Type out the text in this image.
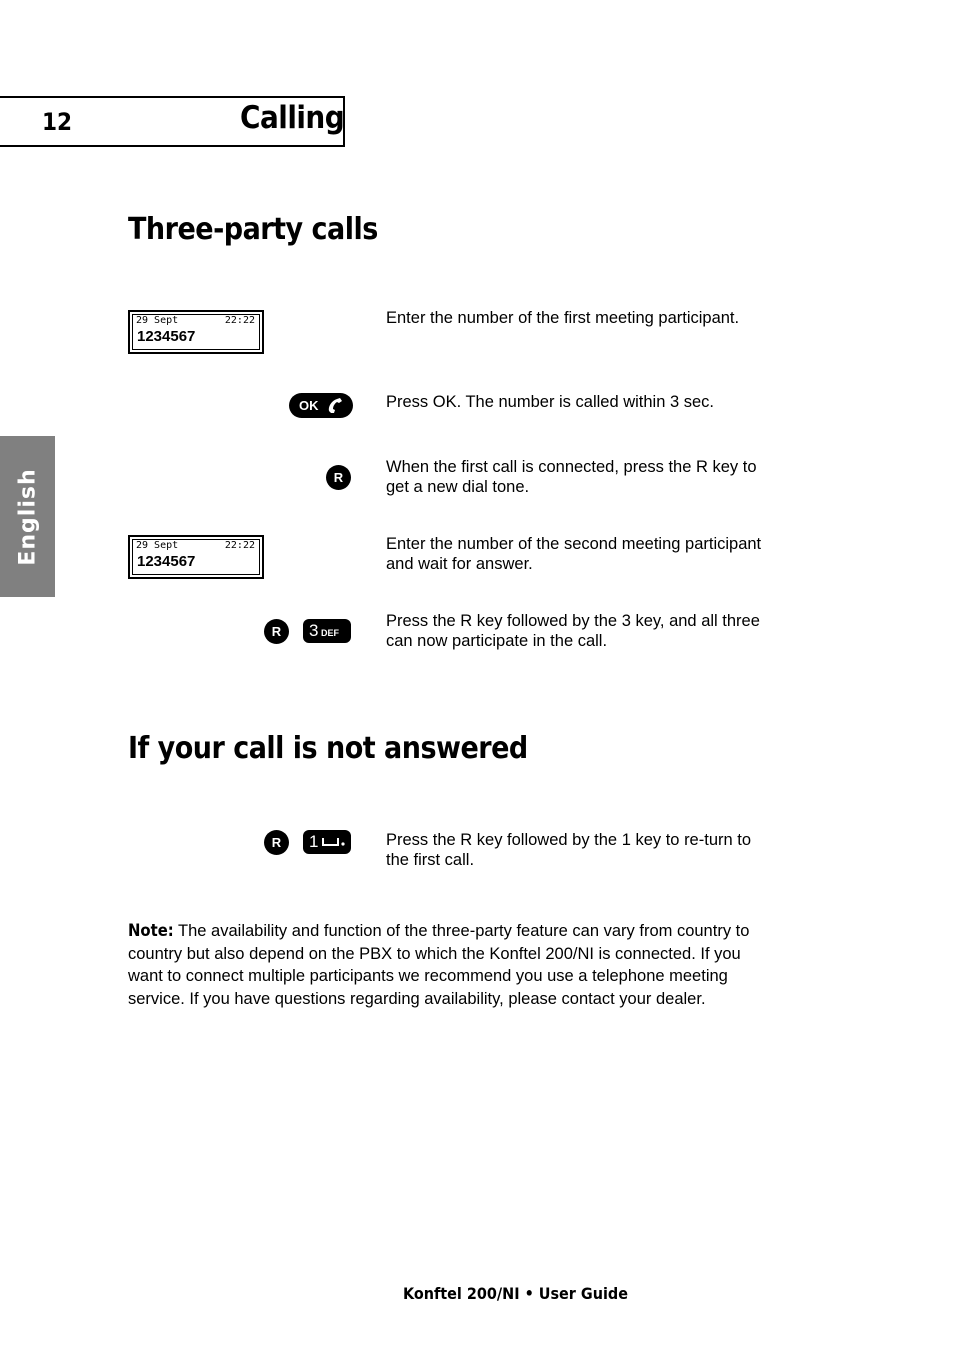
12	Calling
English
Three-party calls
29 Sept	22:22
1234567
Enter the number of the first meeting participant.
OK	Press OK. The number is called within 3 sec.
R
When the first call is connected, press the R key to get a new dial tone.
29 Sept	22:22
1234567
Enter the number of the second meeting participant and wait for answer.
R	3 DEF
Press the R key followed by the 3 key, and all three can now participate in the call.
If your call is not answered
R	1	Press the R key followed by the 1 key to re-turn to the first call.
Note: The availability and function of the three-party feature can vary from country to country but also depend on the PBX to which the Konftel 200/NI is connected. If you want to connect multiple participants we recommend you use a telephone meeting service. If you have questions regarding availability, please contact your dealer.
Konftel 200/NI • User Guide
